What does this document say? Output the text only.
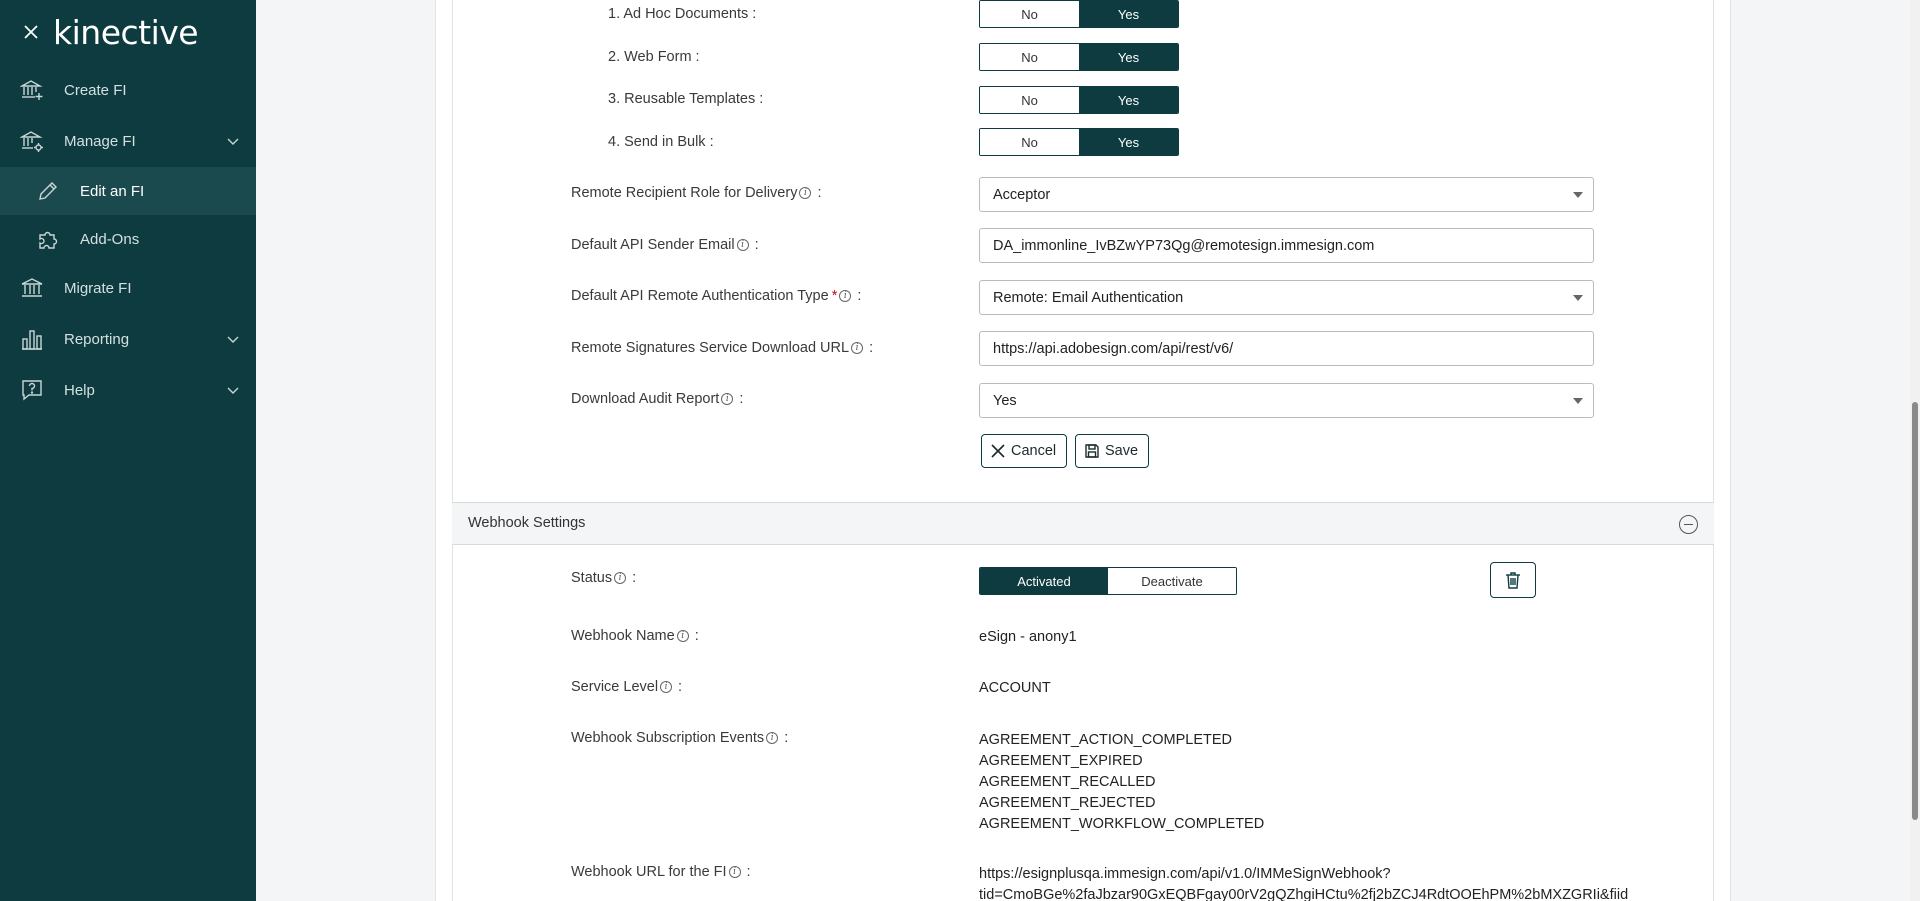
kinective
Create FI
Manage FI
Edit an FI
Add-Ons
Migrate FI
Reporting
Help
1. Ad Hoc Documents :	No	Yes
2. Web Form :	No	Yes
3. Reusable Templates :	No	Yes
4. Send in Bulk :	No	Yes
Remote Recipient Role for Delivery i :	Acceptor
Default API Sender Email i :	DA_immonline_IvBZwYP73Qg@remotesign.immesign.com
Default API Remote Authentication Type * i :	Remote: Email Authentication
Remote Signatures Service Download URL i :	https://api.adobesign.com/api/rest/v6/
Download Audit Report i :	Yes
Cancel	Save
Webhook Settings
Status i :	Activated	Deactivate
Webhook Name i :	eSign - anony1
Service Level i :	ACCOUNT
Webhook Subscription Events i :	AGREEMENT_ACTION_COMPLETED
AGREEMENT_EXPIRED
AGREEMENT_RECALLED
AGREEMENT_REJECTED
AGREEMENT_WORKFLOW_COMPLETED
Webhook URL for the FI i :	https://esignplusqa.immesign.com/api/v1.0/IMMeSignWebhook?
tid=CmoBGe%2faJbzar90GxEQBFgay00rV2gQZhgiHCtu%2fj2bZCJ4RdtOOEhPM%2bMXZGRIi&fiid
